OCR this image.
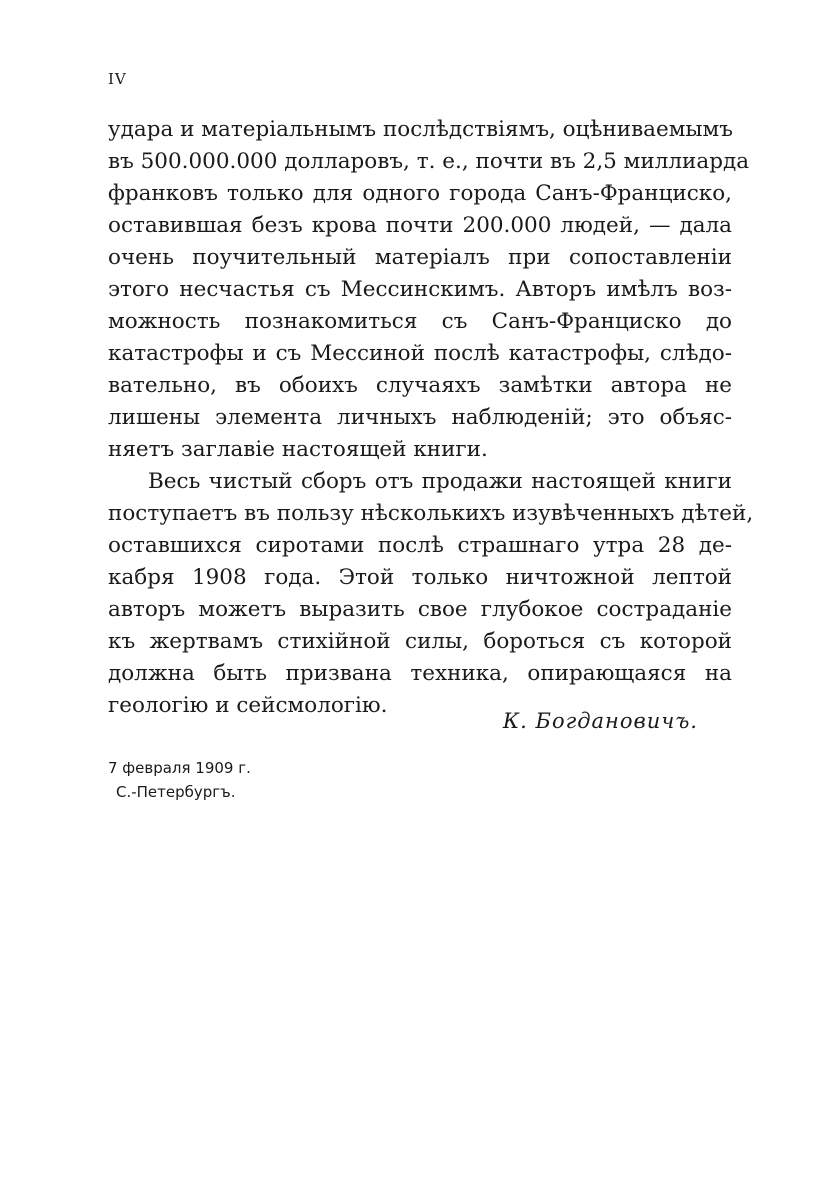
IV
удара и матеріальнымъ послѣдствіямъ, оцѣниваемымъ
въ 500.000.000 долларовъ, т. е., почти въ 2,5 миллиарда
франковъ только для одного города Санъ-Франциско,
оставившая безъ крова почти 200.000 людей, — дала
очень поучительный матеріалъ при сопоставленіи
этого несчастья съ Мессинскимъ. Авторъ имѣлъ воз-
можность познакомиться съ Санъ-Франциско до
катастрофы и съ Мессиной послѣ катастрофы, слѣдо-
вательно, въ обоихъ случаяхъ замѣтки автора не
лишены элемента личныхъ наблюденій; это объяс-
няетъ заглавіе настоящей книги.
Весь чистый сборъ отъ продажи настоящей книги
поступаетъ въ пользу нѣсколькихъ изувѣченныхъ дѣтей,
оставшихся сиротами послѣ страшнаго утра 28 де-
кабря 1908 года. Этой только ничтожной лептой
авторъ можетъ выразить свое глубокое состраданіе
къ жертвамъ стихійной силы, бороться съ которой
должна быть призвана техника, опирающаяся на
геологію и сейсмологію.
К. Богдановичъ.
7 февраля 1909 г.
С.-Петербургъ.
